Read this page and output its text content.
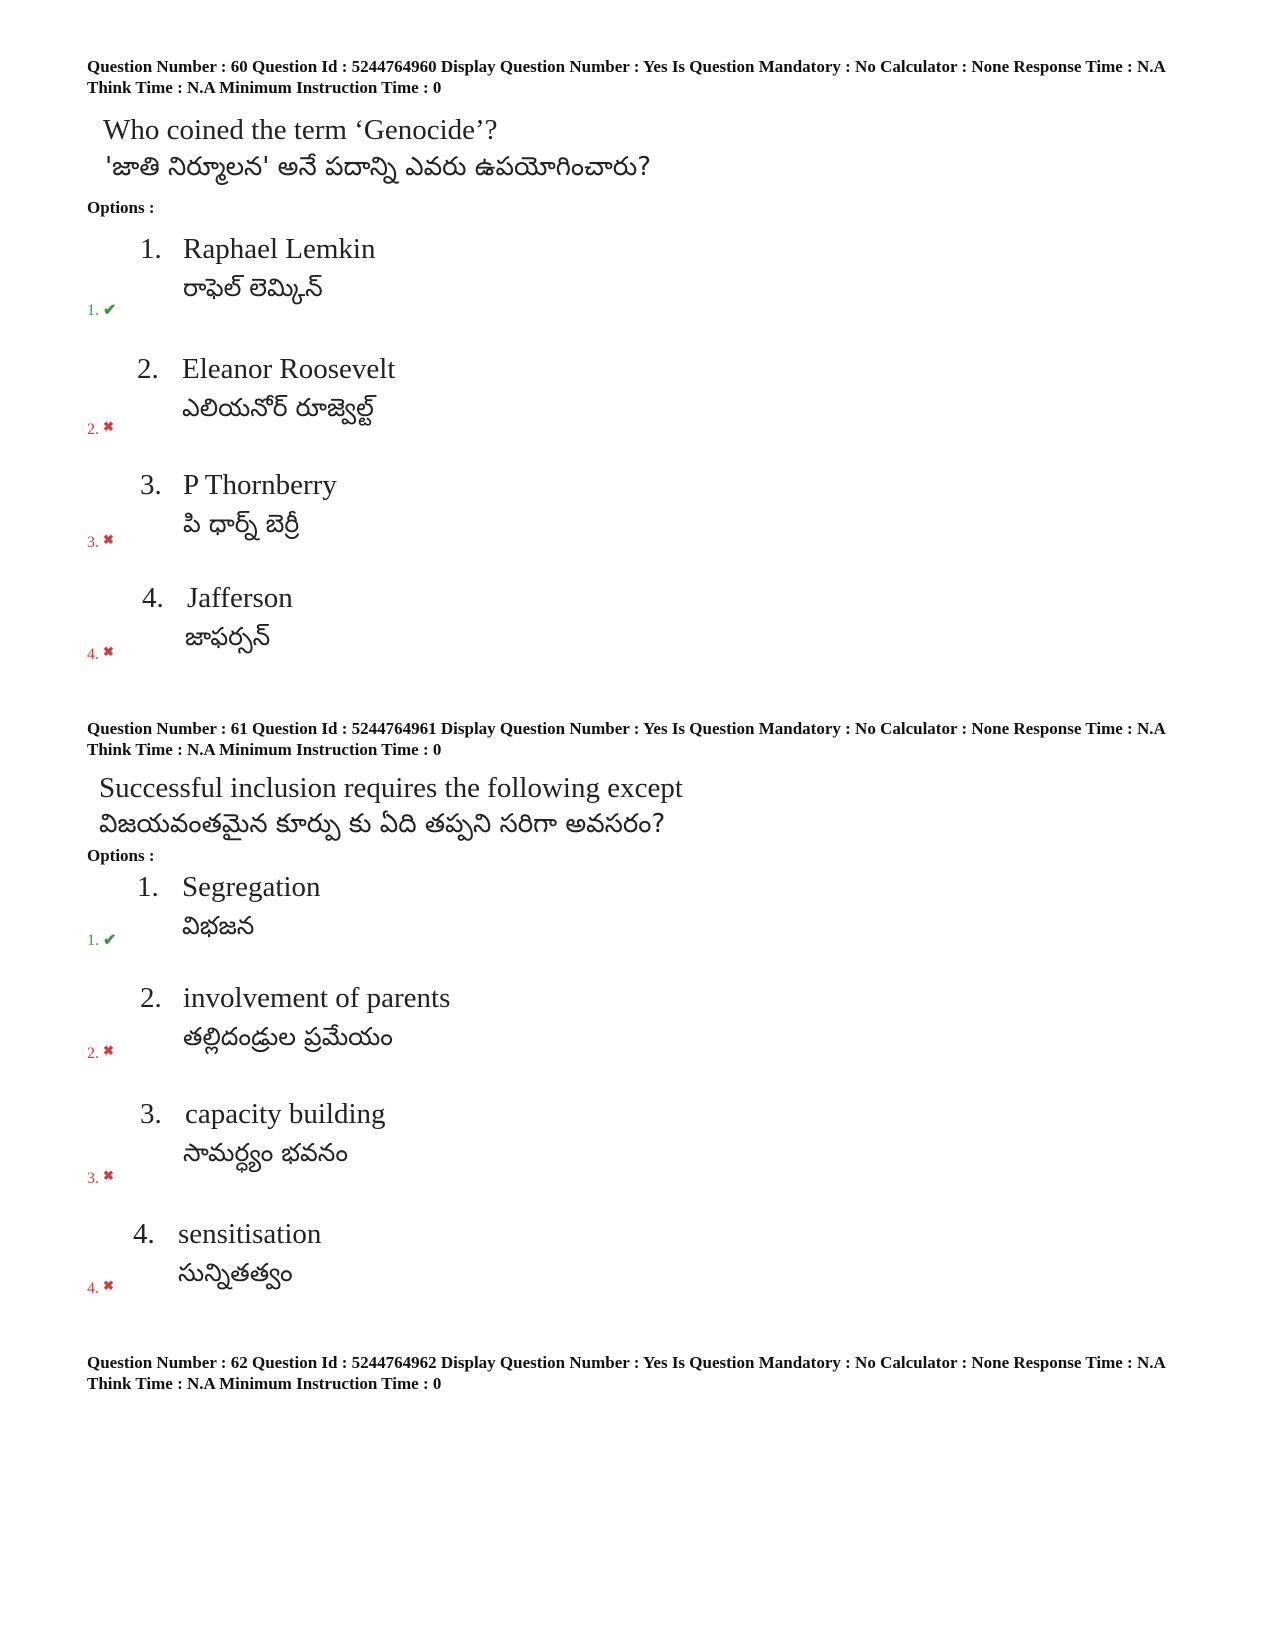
Question Number : 60 Question Id : 5244764960 Display Question Number : Yes Is Question Mandatory : No Calculator : None Response Time : N.A Think Time : N.A Minimum Instruction Time : 0
Who coined the term ‘Genocide’?
'జాతి నిర్మూలన' అనే పదాన్ని ఎవరు ఉపయోగించారు?
Options :
1. Raphael Lemkin
రాఫెల్ లెమ్కిన్
1. ✔
2. Eleanor Roosevelt
ఎలియనోర్ రూజ్వెల్ట్
2. ✖
3. P Thornberry
పి ధార్న్ బెర్రీ
3. ✖
4. Jafferson
జాఫర్సన్
4. ✖
Question Number : 61 Question Id : 5244764961 Display Question Number : Yes Is Question Mandatory : No Calculator : None Response Time : N.A Think Time : N.A Minimum Instruction Time : 0
Successful inclusion requires the following except
విజయవంతమైన కూర్పు కు ఏది తప్పని సరిగా అవసరం?
Options :
1. Segregation
విభజన
1. ✔
2. involvement of parents
తల్లిదండ్రుల ప్రమేయం
2. ✖
3. capacity building
సామర్ధ్యం భవనం
3. ✖
4. sensitisation
సున్నితత్వం
4. ✖
Question Number : 62 Question Id : 5244764962 Display Question Number : Yes Is Question Mandatory : No Calculator : None Response Time : N.A Think Time : N.A Minimum Instruction Time : 0
